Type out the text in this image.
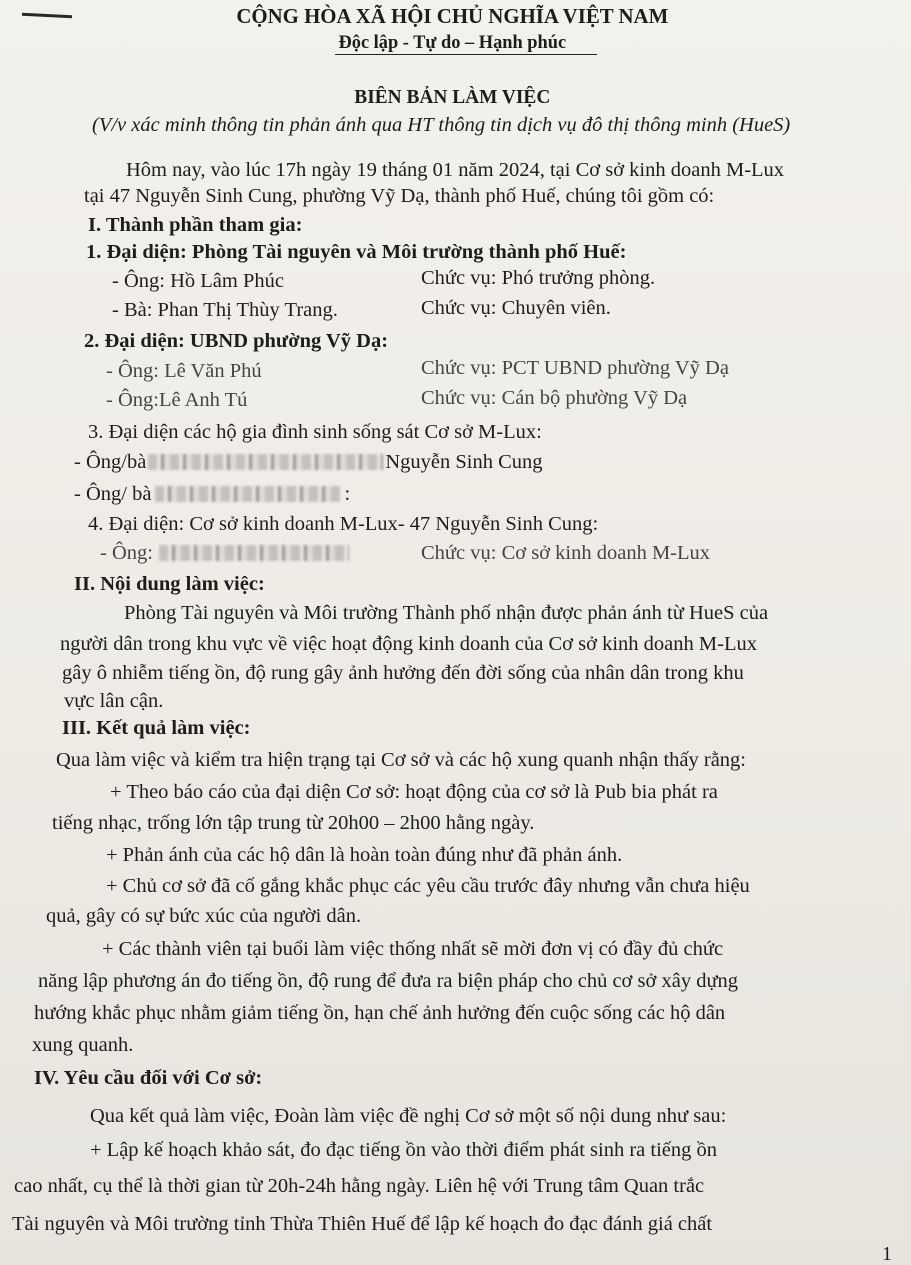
CỘNG HÒA XÃ HỘI CHỦ NGHĨA VIỆT NAM
Độc lập - Tự do – Hạnh phúc
BIÊN BẢN LÀM VIỆC
(V/v xác minh thông tin phản ánh qua HT thông tin dịch vụ đô thị thông minh (HueS)
Hôm nay, vào lúc 17h ngày 19 tháng 01 năm 2024, tại Cơ sở kinh doanh M-Lux
tại 47 Nguyễn Sinh Cung, phường Vỹ Dạ, thành phố Huế, chúng tôi gồm có:
I. Thành phần tham gia:
1. Đại diện: Phòng Tài nguyên và Môi trường thành phố Huế:
- Ông: Hồ Lâm Phúc	Chức vụ: Phó trưởng phòng.
- Bà: Phan Thị Thùy Trang.	Chức vụ: Chuyên viên.
2. Đại diện: UBND phường Vỹ Dạ:
- Ông: Lê Văn Phú	Chức vụ: PCT UBND phường Vỹ Dạ
- Ông:Lê Anh Tú	Chức vụ: Cán bộ phường Vỹ Dạ
3. Đại diện các hộ gia đình sinh sống sát Cơ sở M-Lux:
- Ông/bà	Nguyễn Sinh Cung
- Ông/ bà	:
4. Đại diện: Cơ sở kinh doanh M-Lux- 47 Nguyễn Sinh Cung:
- Ông:	Chức vụ: Cơ sở kinh doanh M-Lux
II. Nội dung làm việc:
Phòng Tài nguyên và Môi trường Thành phố nhận được phản ánh từ HueS của
người dân trong khu vực về việc hoạt động kinh doanh của Cơ sở kinh doanh M-Lux
gây ô nhiễm tiếng ồn, độ rung gây ảnh hưởng đến đời sống của nhân dân trong khu
vực lân cận.
III. Kết quả làm việc:
Qua làm việc và kiểm tra hiện trạng tại Cơ sở và các hộ xung quanh nhận thấy rằng:
+ Theo báo cáo của đại diện Cơ sở: hoạt động của cơ sở là Pub bia phát ra
tiếng nhạc, trống lớn tập trung từ 20h00 – 2h00 hằng ngày.
+ Phản ánh của các hộ dân là hoàn toàn đúng như đã phản ánh.
+ Chủ cơ sở đã cố gắng khắc phục các yêu cầu trước đây nhưng vẫn chưa hiệu
quả, gây có sự bức xúc của người dân.
+ Các thành viên tại buổi làm việc thống nhất sẽ mời đơn vị có đầy đủ chức
năng lập phương án đo tiếng ồn, độ rung để đưa ra biện pháp cho chủ cơ sở xây dựng
hướng khắc phục nhằm giảm tiếng ồn, hạn chế ảnh hưởng đến cuộc sống các hộ dân
xung quanh.
IV. Yêu cầu đối với Cơ sở:
Qua kết quả làm việc, Đoàn làm việc đề nghị Cơ sở một số nội dung như sau:
+ Lập kế hoạch khảo sát, đo đạc tiếng ồn vào thời điểm phát sinh ra tiếng ồn
cao nhất, cụ thể là thời gian từ 20h-24h hằng ngày. Liên hệ với Trung tâm Quan trắc
Tài nguyên và Môi trường tỉnh Thừa Thiên Huế để lập kế hoạch đo đạc đánh giá chất
1
